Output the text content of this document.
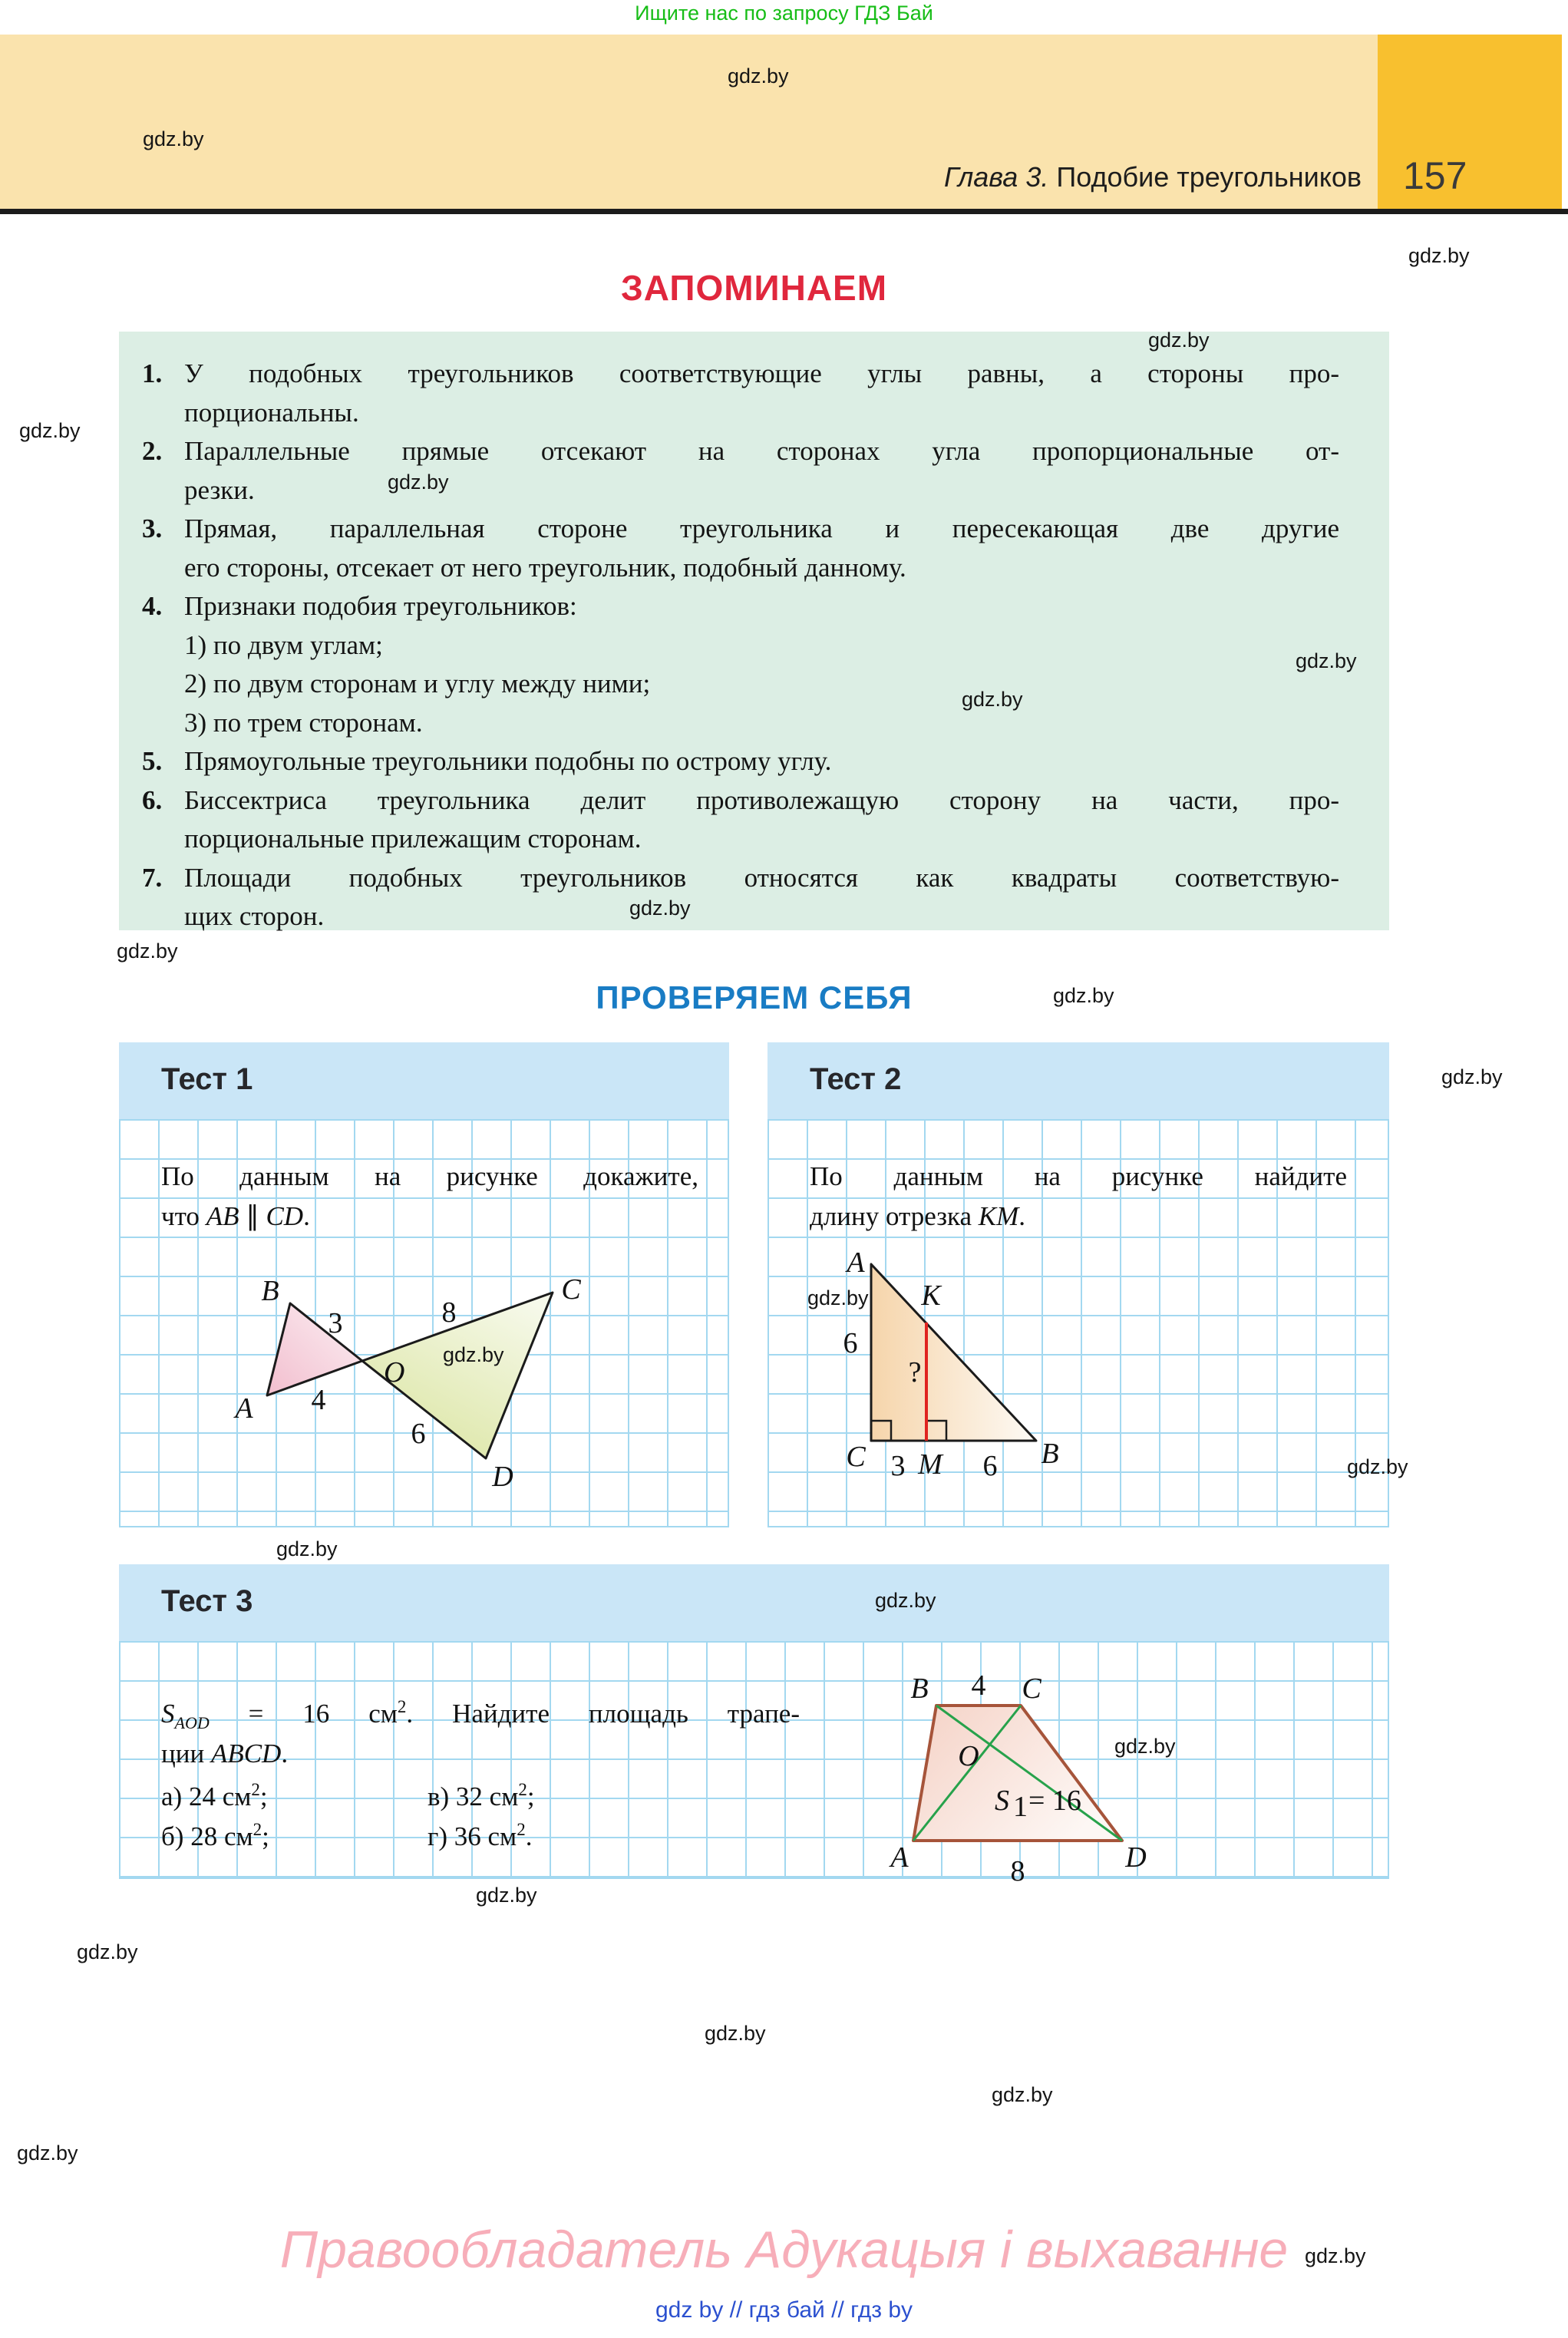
Ищите нас по запросу ГДЗ Бай
Глава 3. Подобие треугольников 157
ЗАПОМИНАЕМ
1. У подобных треугольников соответствующие углы равны, а стороны про-
порциональны.
2. Параллельные прямые отсекают на сторонах угла пропорциональные от-
резки.
3. Прямая, параллельная стороне треугольника и пересекающая две другие
его стороны, отсекает от него треугольник, подобный данному.
4. Признаки подобия треугольников:
1) по двум углам;
2) по двум сторонам и углу между ними;
3) по трем сторонам.
5. Прямоугольные треугольники подобны по острому углу.
6. Биссектриса треугольника делит противолежащую сторону на части, про-
порциональные прилежащим сторонам.
7. Площади подобных треугольников относятся как квадраты соответствую-
щих сторон.
ПРОВЕРЯЕМ СЕБЯ
Тест 1
По данным на рисунке докажите,
что AB ∥ CD.
B
3	8
C
O
A 4
6
D
Тест 2
По данным на рисунке найдите
длину отрезка KM.
A
K
6
?
C 3 M 6 B
Тест 3
$S_{AOD} = 16$ $см^2$. Найдите площадь трапе-
ции ABCD.
а) 24 $см^2$;	в) 32 $см^2$;
б) 28 $см^2$;	г) 36 $см^2$.
B 4 C
O
S 1 = 16
A	8	D
gdz.by
gdz.by
gdz.by
gdz.by
gdz.by
gdz.by
gdz.by
gdz.by
gdz.by
gdz.by
gdz.by
gdz.by
gdz.by
gdz.by
gdz.by
gdz.by
gdz.by
gdz.by
gdz.by
gdz.by
gdz.by
gdz.by
gdz.by
gdz.by
Правообладатель Адукацыя і выхаванне
gdz by // гдз бай // гдз by
